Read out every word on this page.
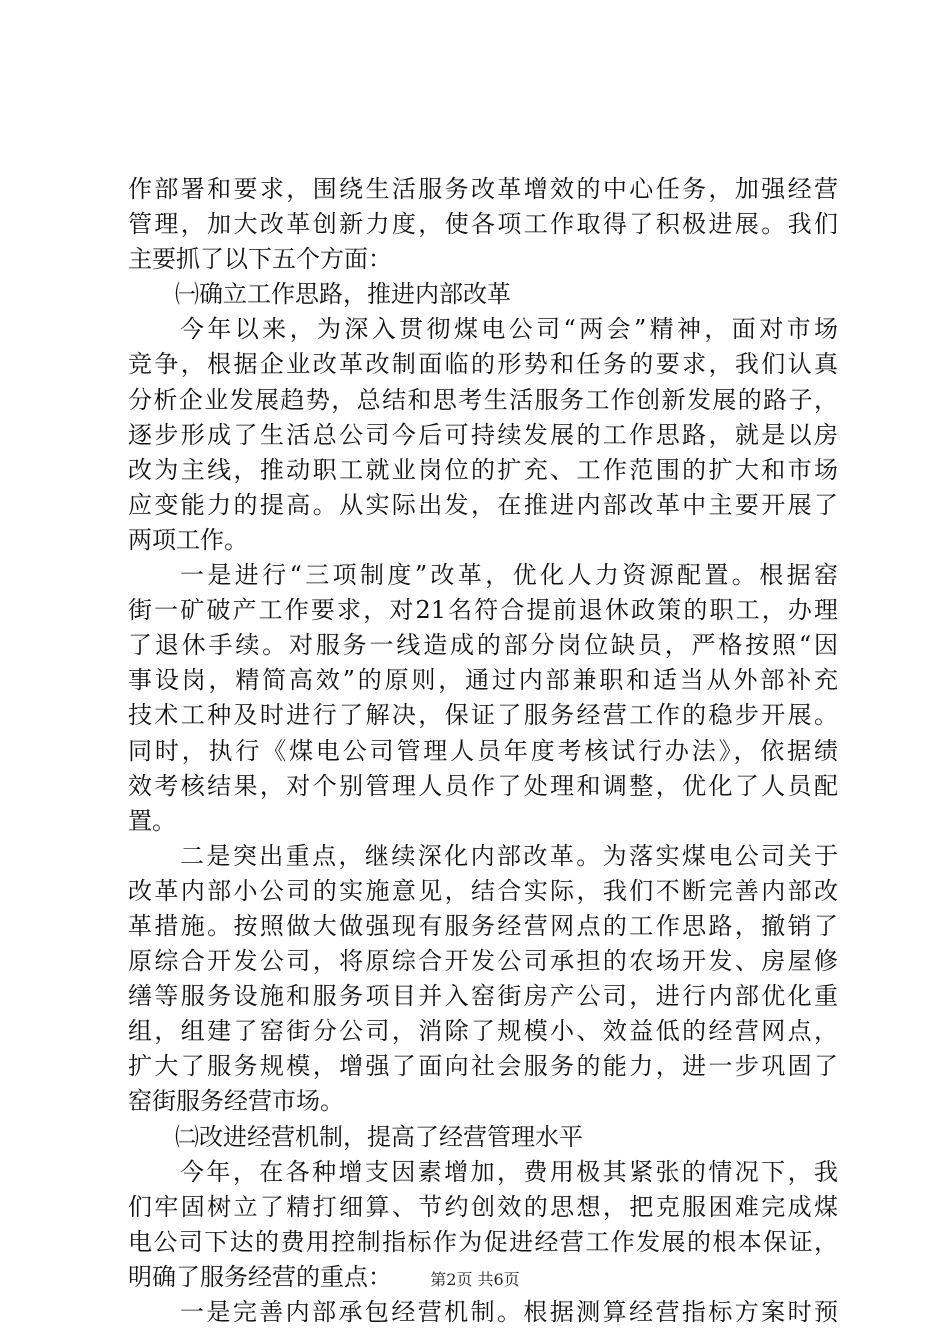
作部署和要求，围绕生活服务改革增效的中心任务，加强经营
管理，加大改革创新力度，使各项工作取得了积极进展。我们
主要抓了以下五个方面：
㈠确立工作思路，推进内部改革
今年以来，为深入贯彻煤电公司“两会”精神，面对市场
竞争，根据企业改革改制面临的形势和任务的要求，我们认真
分析企业发展趋势，总结和思考生活服务工作创新发展的路子，
逐步形成了生活总公司今后可持续发展的工作思路，就是以房
改为主线，推动职工就业岗位的扩充、工作范围的扩大和市场
应变能力的提高。从实际出发，在推进内部改革中主要开展了
两项工作。
一是进行“三项制度”改革，优化人力资源配置。根据窑
街一矿破产工作要求，对21名符合提前退休政策的职工，办理
了退休手续。对服务一线造成的部分岗位缺员，严格按照“因
事设岗，精简高效”的原则，通过内部兼职和适当从外部补充
技术工种及时进行了解决，保证了服务经营工作的稳步开展。
同时，执行《煤电公司管理人员年度考核试行办法》，依据绩
效考核结果，对个别管理人员作了处理和调整，优化了人员配
置。
二是突出重点，继续深化内部改革。为落实煤电公司关于
改革内部小公司的实施意见，结合实际，我们不断完善内部改
革措施。按照做大做强现有服务经营网点的工作思路，撤销了
原综合开发公司，将原综合开发公司承担的农场开发、房屋修
缮等服务设施和服务项目并入窑街房产公司，进行内部优化重
组，组建了窑街分公司，消除了规模小、效益低的经营网点，
扩大了服务规模，增强了面向社会服务的能力，进一步巩固了
窑街服务经营市场。
㈡改进经营机制，提高了经营管理水平
今年，在各种增支因素增加，费用极其紧张的情况下，我
们牢固树立了精打细算、节约创效的思想，把克服困难完成煤
电公司下达的费用控制指标作为促进经营工作发展的根本保证，
明确了服务经营的重点：
一是完善内部承包经营机制。根据测算经营指标方案时预
第2页 共6页
